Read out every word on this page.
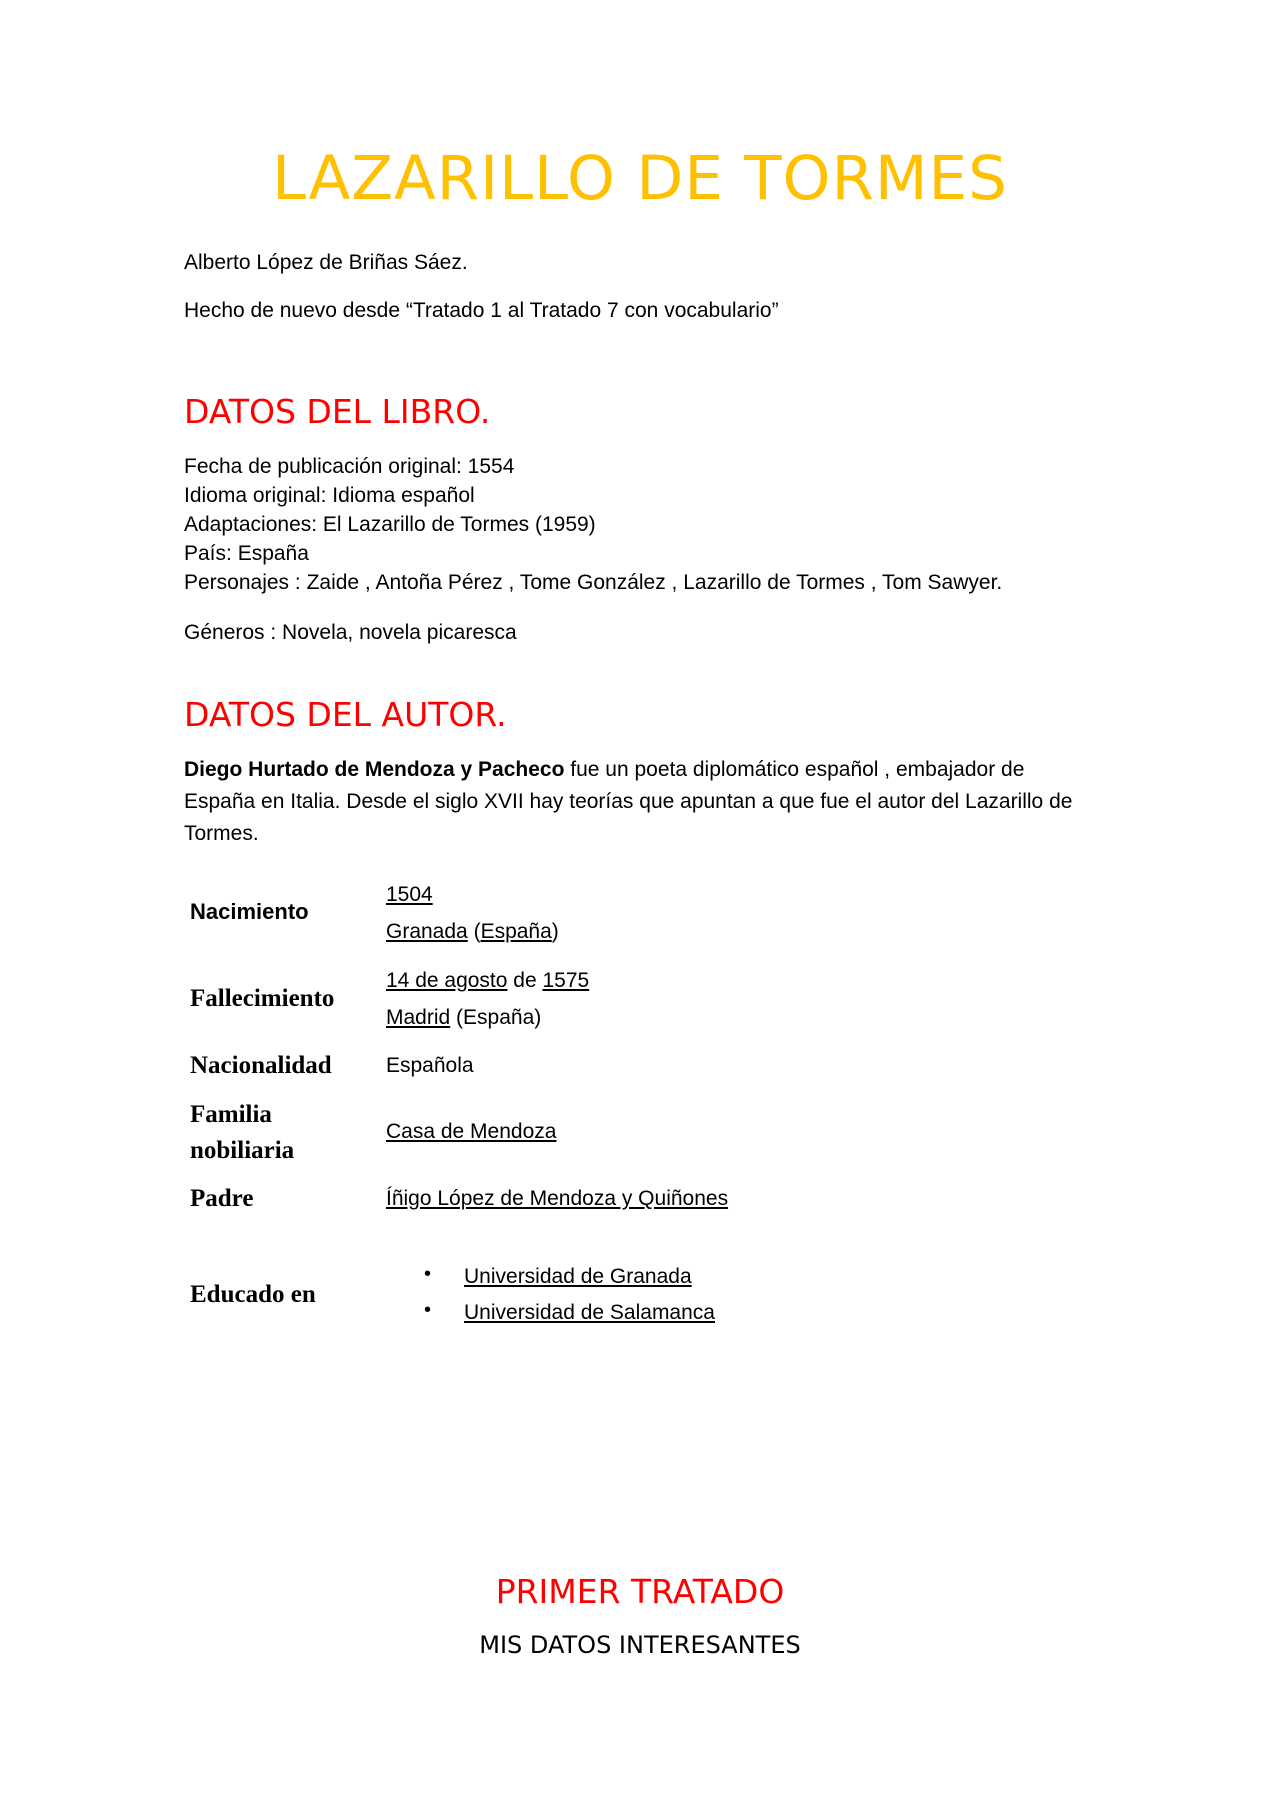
LAZARILLO DE TORMES
Alberto López de Briñas Sáez.
Hecho de nuevo desde “Tratado 1 al Tratado 7 con vocabulario”
DATOS DEL LIBRO.
Fecha de publicación original: 1554
Idioma original: Idioma español
Adaptaciones: El Lazarillo de Tormes (1959)
País: España
Personajes : Zaide , Antoña Pérez , Tome González , Lazarillo de Tormes , Tom Sawyer.
Géneros : Novela, novela picaresca
DATOS DEL AUTOR.
Diego Hurtado de Mendoza y Pacheco fue un poeta diplomático español , embajador de
España en Italia. Desde el siglo XVII hay teorías que apuntan a que fue el autor del Lazarillo de
Tormes.
Nacimiento
1504
Granada (España)
Fallecimiento
14 de agosto de 1575
Madrid (España)
Nacionalidad	Española
Familia
nobiliaria
Casa de Mendoza
Padre	Íñigo López de Mendoza y Quiñones
Educado en
• Universidad de Granada
• Universidad de Salamanca
PRIMER TRATADO
MIS DATOS INTERESANTES
